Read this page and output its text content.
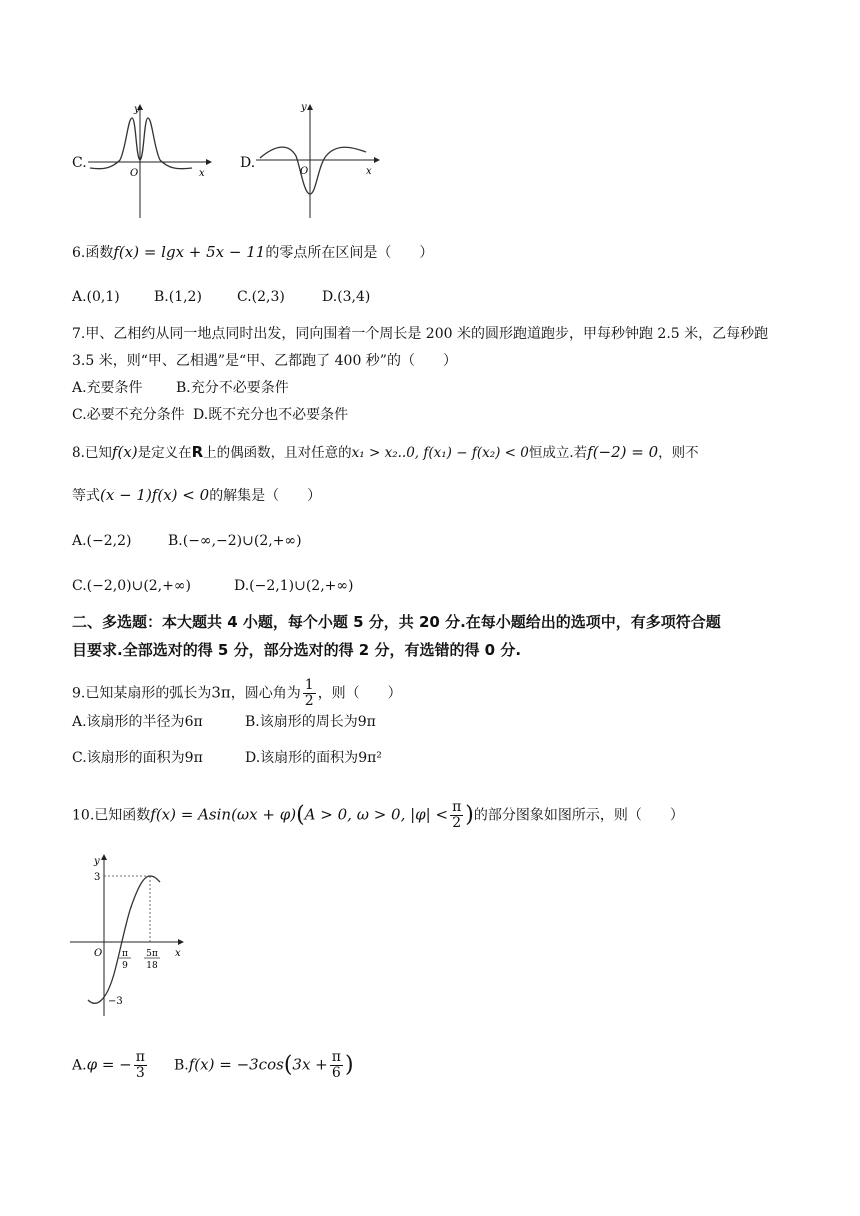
C.
y
x
O
D.
y
x
O
6.函数f(x) = lgx + 5x − 11的零点所在区间是（　　）
A.(0,1) B.(1,2)	C.(2,3)	D.(3,4)
7.甲、乙相约从同一地点同时出发，同向围着一个周长是 200 米的圆形跑道跑步，甲每秒钟跑 2.5 米，乙每秒跑
3.5 米，则“甲、乙相遇”是“甲、乙都跑了 400 秒”的（　　）
A.充要条件 B.充分不必要条件
C.必要不充分条件 D.既不充分也不必要条件
8.已知f(x)是定义在R上的偶函数，且对任意的x₁ > x₂..0, f(x₁) − f(x₂) < 0恒成立.若f(−2) = 0，则不
等式(x − 1)f(x) < 0的解集是（　　）
A.(−2,2)	B.(−∞,−2)∪(2,+∞)
C.(−2,0)∪(2,+∞)	D.(−2,1)∪(2,+∞)
二、多选题：本大题共 4 小题，每个小题 5 分，共 20 分.在每小题给出的选项中，有多项符合题
目要求.全部选对的得 5 分，部分选对的得 2 分，有选错的得 0 分.
9.已知某扇形的弧长为3π，圆心角为 $\frac{1}{2}$ ，则（　　）
A.该扇形的半径为6π	B.该扇形的周长为9π
C.该扇形的面积为9π	D.该扇形的面积为9π²
10.已知函数f(x) = Asin(ωx + φ)(A > 0, ω > 0, $|\varphi| < \frac{\pi}{2}$ )的部分图象如图所示，则（　　）
y
x
O
3
−3
π
9
5π
18
A.φ = − $\frac{\pi}{3} B.f(x) = -3\cos(3x + \frac{\pi}{6}$ )
